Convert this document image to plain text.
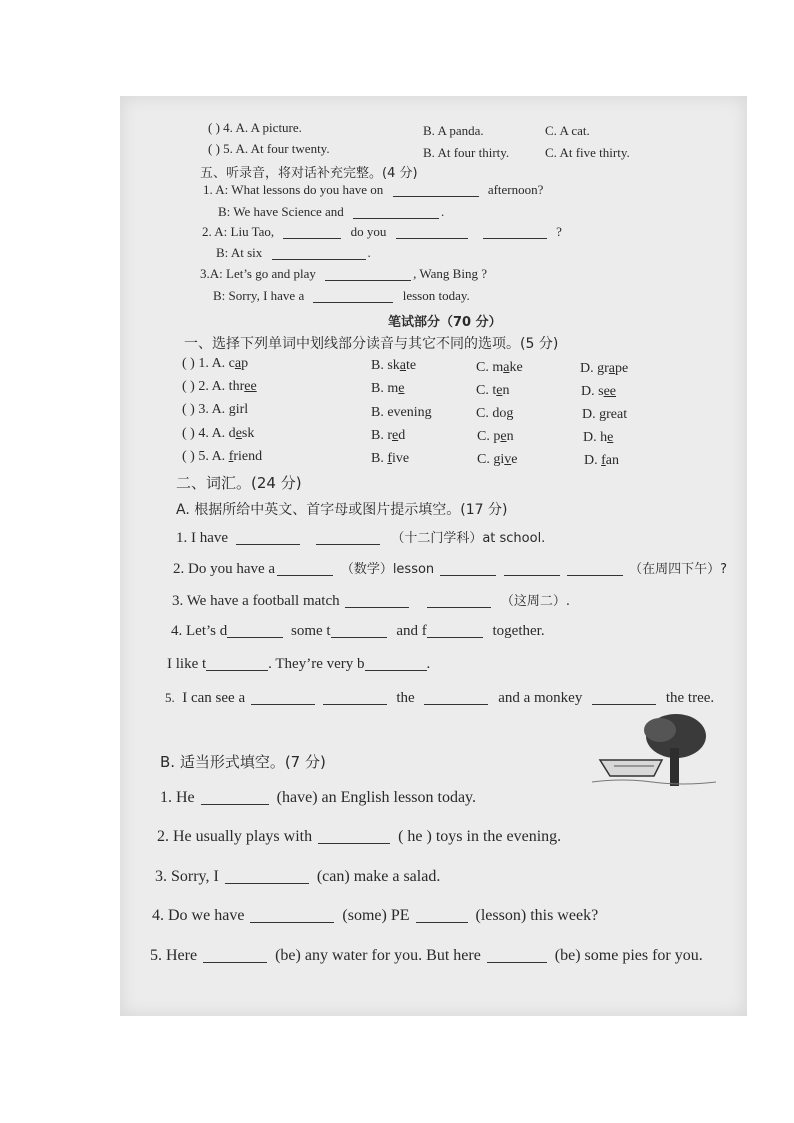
( ) 4. A. A picture.	B. A panda.	C. A cat.
( ) 5. A. At four twenty.	B. At four thirty.	C. At five thirty.
五、听录音，将对话补充完整。(4 分)
1. A: What lessons do you have on	afternoon?
B: We have Science and	.
2. A: Liu Tao,	do you	?
B: At six	.
3.A: Let’s go and play	, Wang Bing ?
B: Sorry, I have a	lesson today.
笔试部分（70 分）
一、选择下列单词中划线部分读音与其它不同的选项。(5 分)
( ) 1. A. cap	B. skate	C. make	D. grape
( ) 2. A. three	B. me	C. ten	D. see
( ) 3. A. girl	B. evening	C. dog	D. great
( ) 4. A. desk	B. red	C. pen	D. he
( ) 5. A. friend	B. five	C. give	D. fan
二、词汇。(24 分)
A. 根据所给中英文、首字母或图片提示填空。(17 分)
1. I have	（十二门学科）at school.
2. Do you have a	（数学）lesson	（在周四下午）?
3. We have a football match	（这周二）.
4. Let’s d	some t	and f	together.
I like t	. They’re very b	.
5. I can see a	the	and a monkey	the tree.
B. 适当形式填空。(7 分)
1. He	(have) an English lesson today.
2. He usually plays with	( he ) toys in the evening.
3. Sorry, I	(can) make a salad.
4. Do we have	(some) PE	(lesson) this week?
5. Here	(be) any water for you. But here	(be) some pies for you.
